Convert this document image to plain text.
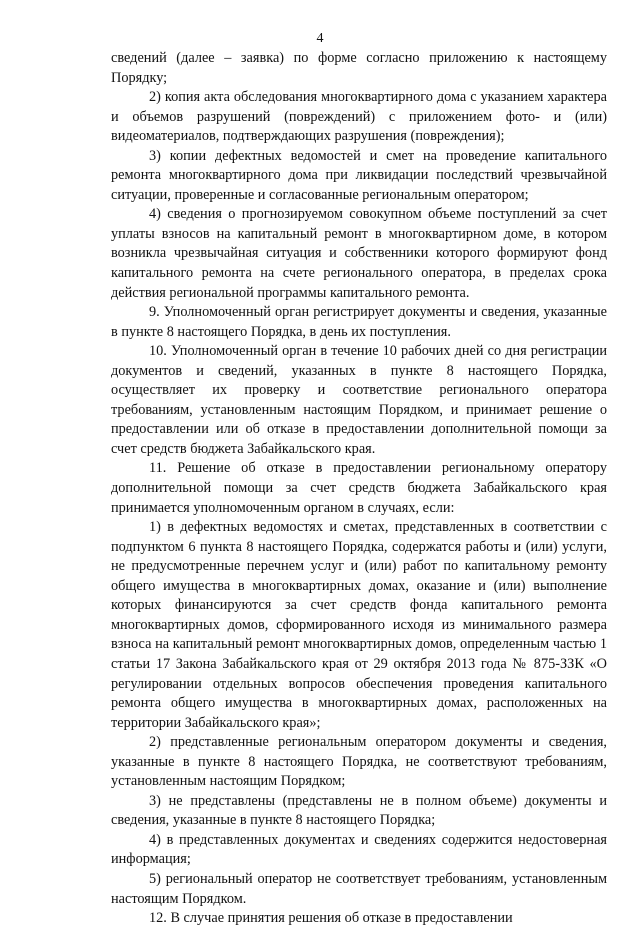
4

сведений (далее – заявка) по форме согласно приложению к настоящему Порядку;

2) копия акта обследования многоквартирного дома с указанием характера и объемов разрушений (повреждений) с приложением фото- и (или) видеоматериалов, подтверждающих разрушения (повреждения);

3) копии дефектных ведомостей и смет на проведение капитального ремонта многоквартирного дома при ликвидации последствий чрезвычайной ситуации, проверенные и согласованные региональным оператором;

4) сведения о прогнозируемом совокупном объеме поступлений за счет уплаты взносов на капитальный ремонт в многоквартирном доме, в котором возникла чрезвычайная ситуация и собственники которого формируют фонд капитального ремонта на счете регионального оператора, в пределах срока действия региональной программы капитального ремонта.

9. Уполномоченный орган регистрирует документы и сведения, указанные в пункте 8 настоящего Порядка, в день их поступления.

10. Уполномоченный орган в течение 10 рабочих дней со дня регистрации документов и сведений, указанных в пункте 8 настоящего Порядка, осуществляет их проверку и соответствие регионального оператора требованиям, установленным настоящим Порядком, и принимает решение о предоставлении или об отказе в предоставлении дополнительной помощи за счет средств бюджета Забайкальского края.

11. Решение об отказе в предоставлении региональному оператору дополнительной помощи за счет средств бюджета Забайкальского края принимается уполномоченным органом в случаях, если:

1) в дефектных ведомостях и сметах, представленных в соответствии с подпунктом 6 пункта 8 настоящего Порядка, содержатся работы и (или) услуги, не предусмотренные перечнем услуг и (или) работ по капитальному ремонту общего имущества в многоквартирных домах, оказание и (или) выполнение которых финансируются за счет средств фонда капитального ремонта многоквартирных домов, сформированного исходя из минимального размера взноса на капитальный ремонт многоквартирных домов, определенным частью 1 статьи 17 Закона Забайкальского края от 29 октября 2013 года № 875-ЗЗК «О регулировании отдельных вопросов обеспечения проведения капитального ремонта общего имущества в многоквартирных домах, расположенных на территории Забайкальского края»;

2) представленные региональным оператором документы и сведения, указанные в пункте 8 настоящего Порядка, не соответствуют требованиям, установленным настоящим Порядком;

3) не представлены (представлены не в полном объеме) документы и сведения, указанные в пункте 8 настоящего Порядка;

4) в представленных документах и сведениях содержится недостоверная информация;

5) региональный оператор не соответствует требованиям, установленным настоящим Порядком.

12. В случае принятия решения об отказе в предоставлении
